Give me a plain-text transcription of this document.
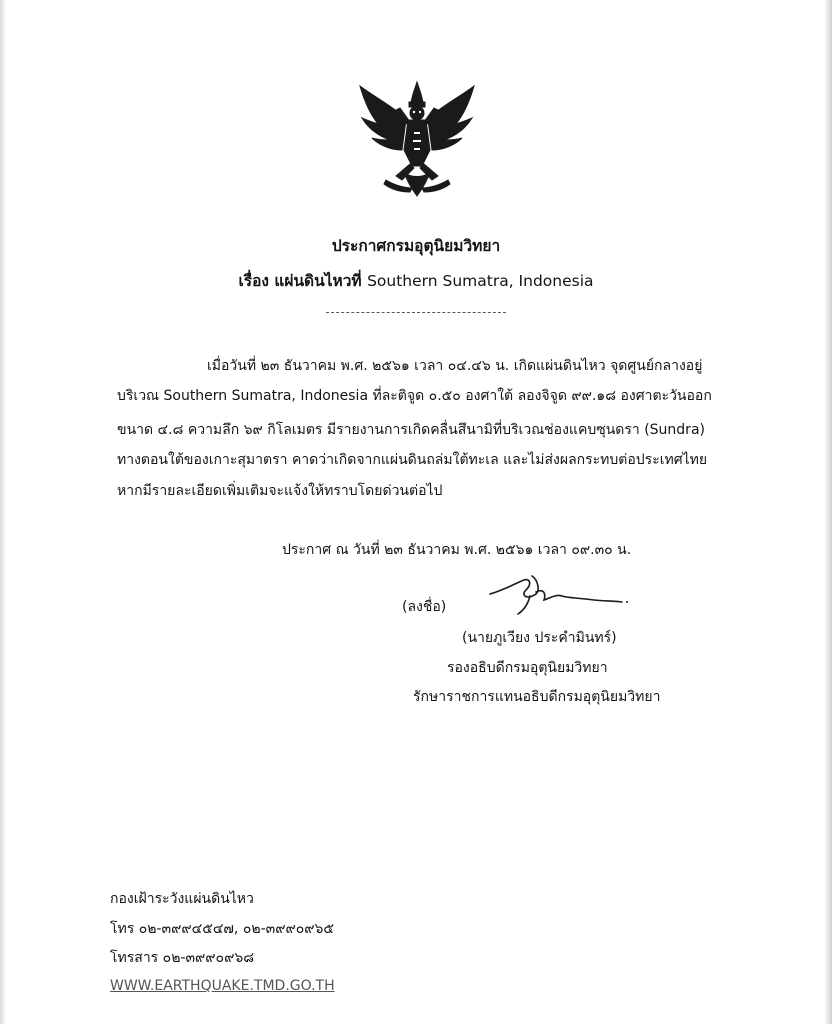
ประกาศกรมอุตุนิยมวิทยา
เรื่อง แผ่นดินไหวที่ Southern Sumatra, Indonesia
เมื่อวันที่ ๒๓ ธันวาคม พ.ศ. ๒๕๖๑ เวลา ๐๔.๔๖ น. เกิดแผ่นดินไหว จุดศูนย์กลางอยู่
บริเวณ Southern Sumatra, Indonesia ที่ละติจูด ๐.๕๐ องศาใต้ ลองจิจูด ๙๙.๑๘ องศาตะวันออก
ขนาด ๔.๘ ความลึก ๖๙ กิโลเมตร มีรายงานการเกิดคลื่นสึนามิที่บริเวณช่องแคบซุนดรา (Sundra)
ทางตอนใต้ของเกาะสุมาตรา คาดว่าเกิดจากแผ่นดินถล่มใต้ทะเล และไม่ส่งผลกระทบต่อประเทศไทย
หากมีรายละเอียดเพิ่มเติมจะแจ้งให้ทราบโดยด่วนต่อไป
ประกาศ ณ วันที่ ๒๓ ธันวาคม พ.ศ. ๒๕๖๑ เวลา ๐๙.๓๐ น.
(ลงชื่อ)
(นายภูเวียง ประคำมินทร์)
รองอธิบดีกรมอุตุนิยมวิทยา
รักษาราชการแทนอธิบดีกรมอุตุนิยมวิทยา
กองเฝ้าระวังแผ่นดินไหว
โทร ๐๒-๓๙๙๔๕๔๗, ๐๒-๓๙๙๐๙๖๕
โทรสาร ๐๒-๓๙๙๐๙๖๘
WWW.EARTHQUAKE.TMD.GO.TH
